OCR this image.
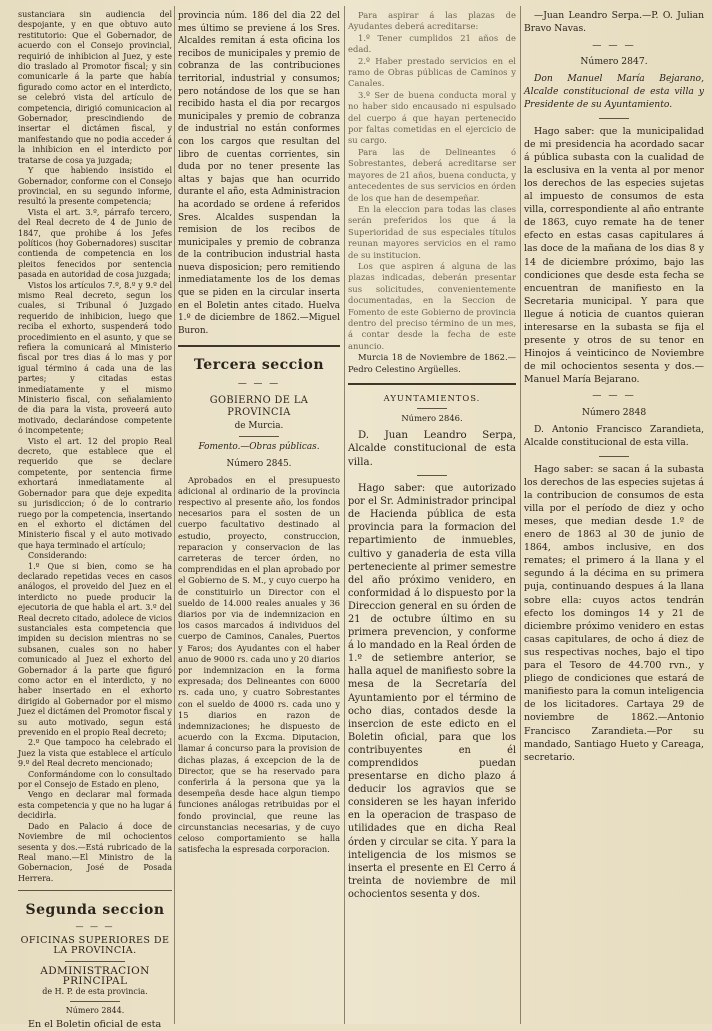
sustanciara sin audiencia del despojante, y en que obtuvo auto restitutorio: Que el Gobernador, de acuerdo con el Consejo provincial, requirió de inhibicion al Juez, y este dio traslado al Promotor fiscal; y sin comunicarle á la parte que había figurado como actor en el interdicto, se celebró vista del artículo de competencia, dirigió comunicacion al Gobernador, prescindiendo de insertar el dictámen fiscal, y manifestando que no podia acceder á la inhibicion en el interdicto por tratarse de cosa ya juzgada;

Y que habiendo insistido el Gobernador, conforme con el Consejo provincial, en su segundo informe, resultó la presente competencia;

Vista el art. 3.º, párrafo tercero, del Real decreto de 4 de Junio de 1847, que prohibe á los Jefes políticos (hoy Gobernadores) suscitar contienda de competencia en los pleitos fenecidos por sentencia pasada en autoridad de cosa juzgada;

Vistos los artículos 7.º, 8.º y 9.º del mismo Real decreto, segun los cuales, si Tribunal ó Juzgado requerido de inhibicion, luego que reciba el exhorto, suspenderá todo procedimiento en el asunto, y que se refiera la comunicará al Ministerio fiscal por tres dias á lo mas y por igual término á cada una de las partes; y citadas estas inmediatamente y el mismo Ministerio fiscal, con señalamiento de dia para la vista, proveerá auto motivado, declarándose competente ó incompetente;

Visto el art. 12 del propio Real decreto, que establece que el requerido que se declare competente, por sentencia firme exhortará inmediatamente al Gobernador para que deje expedita su jurisdiccion; ó de lo contrario ruego por la competencia, insertando en el exhorto el dictámen del Ministerio fiscal y el auto motivado que haya terminado el artículo;

Considerando:

1.º Que si bien, como se ha declarado repetidas veces en casos análogos, el proveido del Juez en el interdicto no puede producir la ejecutoria de que habla el art. 3.º del Real decreto citado, adolece de vicios sustanciales esta competencia que impiden su decision mientras no se subsanen, cuales son no haber comunicado al Juez el exhorto del Gobernador á la parte que figuró como actor en el interdicto, y no haber insertado en el exhorto dirigido al Gobernador por el mismo Juez el dictámen del Promotor fiscal y su auto motivado, segun está prevenido en el propio Real decreto;

2.º Que tampoco ha celebrado el Juez la vista que establece el artículo 9.º del Real decreto mencionado;

Conformándome con lo consultado por el Consejo de Estado en pleno,

Vengo en declarar mal formada esta competencia y que no ha lugar á decidirla.

Dado en Palacio á doce de Noviembre de mil ochocientos sesenta y dos.—Está rubricado de la Real mano.—El Ministro de la Gobernacion, José de Posada Herrera.

Segunda seccion
— — —

OFICINAS SUPERIORES DE LA PROVINCIA.

ADMINISTRACION PRINCIPAL

de H. P. de esta provincia.

Número 2844.

En el Boletin oficial de esta

provincia núm. 186 del dia 22 del mes último se previene á los Sres. Alcaldes remitan á esta oficina los recibos de municipales y premio de cobranza de las contribuciones territorial, industrial y consumos; pero notándose de los que se han recibido hasta el dia por recargos municipales y premio de cobranza de industrial no están conformes con los cargos que resultan del libro de cuentas corrientes, sin duda por no tener presente las altas y bajas que han ocurrido durante el año, esta Administracion ha acordado se ordene á referidos Sres. Alcaldes suspendan la remision de los recibos de municipales y premio de cobranza de la contribucion industrial hasta nueva disposicion; pero remitiendo inmediatamente los de los demas que se piden en la circular inserta en el Boletin antes citado. Huelva 1.º de diciembre de 1862.—Miguel Buron.

Tercera seccion
— — —

GOBIERNO DE LA PROVINCIA

de Murcia.

Fomento.—Obras públicas.

Número 2845.

Aprobados en el presupuesto adicional al ordinario de la provincia respectivo al presente año, los fondos necesarios para el sosten de un cuerpo facultativo destinado al estudio, proyecto, construccion, reparacion y conservacion de las carreteras de tercer órden, no comprendidas en el plan aprobado por el Gobierno de S. M., y cuyo cuerpo ha de constituirlo un Director con el sueldo de 14.000 reales anuales y 36 diarios por via de indemnizacion en los casos marcados á individuos del cuerpo de Caminos, Canales, Puertos y Faros; dos Ayudantes con el haber anuo de 9000 rs. cada uno y 20 diarios por indemnizacion en la forma expresada; dos Delineantes con 6000 rs. cada uno, y cuatro Sobrestantes con el sueldo de 4000 rs. cada uno y 15 diarios en razon de indemnizaciones; he dispuesto de acuerdo con la Excma. Diputacion, llamar á concurso para la provision de dichas plazas, á excepcion de la de Director, que se ha reservado para conferirla á la persona que ya la desempeña desde hace algun tiempo funciones análogas retribuidas por el fondo provincial, que reune las circunstancias necesarias, y de cuyo celoso comportamiento se halla satisfecha la espresada corporacion.

Para aspirar á las plazas de Ayudantes deberá acreditarse:

1.º Tener cumplidos 21 años de edad.

2.º Haber prestado servicios en el ramo de Obras públicas de Caminos y Canales.

3.º Ser de buena conducta moral y no haber sido encausado ni espulsado del cuerpo á que hayan pertenecido por faltas cometidas en el ejercicio de su cargo.

Para las de Delineantes ó Sobrestantes, deberá acreditarse ser mayores de 21 años, buena conducta, y antecedentes de sus servicios en órden de los que han de desempeñar.

En la eleccion para todas las clases serán preferidos los que á la Superioridad de sus especiales títulos reunan mayores servicios en el ramo de su institucion.

Los que aspiren á alguna de las plazas indicadas, deberán presentar sus solicitudes, convenientemente documentadas, en la Seccion de Fomento de este Gobierno de provincia dentro del preciso término de un mes, á contar desde la fecha de este anuncio.

Murcia 18 de Noviembre de 1862.—Pedro Celestino Argüelles.

AYUNTAMIENTOS.

Número 2846.

D. Juan Leandro Serpa, Alcalde constitucional de esta villa.

Hago saber: que autorizado por el Sr. Administrador principal de Hacienda pública de esta provincia para la formacion del repartimiento de inmuebles, cultivo y ganaderia de esta villa perteneciente al primer semestre del año próximo venidero, en conformidad á lo dispuesto por la Direccion general en su órden de 21 de octubre último en su primera prevencion, y conforme á lo mandado en la Real órden de 1.º de setiembre anterior, se halla aquel de manifiesto sobre la mesa de la Secretaría del Ayuntamiento por el término de ocho dias, contados desde la insercion de este edicto en el Boletin oficial, para que los contribuyentes en él comprendidos puedan presentarse en dicho plazo á deducir los agravios que se consideren se les hayan inferido en la operacion de traspaso de utilidades que en dicha Real órden y circular se cita. Y para la inteligencia de los mismos se inserta el presente en El Cerro á treinta de noviembre de mil ochocientos sesenta y dos.

—Juan Leandro Serpa.—P. O. Julian Bravo Navas.

— — —

Número 2847.

Don Manuel María Bejarano, Alcalde constitucional de esta villa y Presidente de su Ayuntamiento.

Hago saber: que la municipalidad de mi presidencia ha acordado sacar á pública subasta con la cualidad de la esclusiva en la venta al por menor los derechos de las especies sujetas al impuesto de consumos de esta villa, correspondiente al año entrante de 1863, cuyo remate ha de tener efecto en estas casas capitulares á las doce de la mañana de los dias 8 y 14 de diciembre próximo, bajo las condiciones que desde esta fecha se encuentran de manifiesto en la Secretaria municipal. Y para que llegue á noticia de cuantos quieran interesarse en la subasta se fija el presente y otros de su tenor en Hinojos á veinticinco de Noviembre de mil ochocientos sesenta y dos.—Manuel María Bejarano.

— — —

Número 2848

D. Antonio Francisco Zarandieta, Alcalde constitucional de esta villa.

Hago saber: se sacan á la subasta los derechos de las especies sujetas á la contribucion de consumos de esta villa por el período de diez y ocho meses, que median desde 1.º de enero de 1863 al 30 de junio de 1864, ambos inclusive, en dos remates; el primero á la llana y el segundo á la décima en su primera puja, continuando despues á la llana sobre ella: cuyos actos tendrán efecto los domingos 14 y 21 de diciembre próximo venidero en estas casas capitulares, de ocho á diez de sus respectivas noches, bajo el tipo para el Tesoro de 44.700 rvn., y pliego de condiciones que estará de manifiesto para la comun inteligencia de los licitadores. Cartaya 29 de noviembre de 1862.—Antonio Francisco Zarandieta.—Por su mandado, Santiago Hueto y Careaga, secretario.
